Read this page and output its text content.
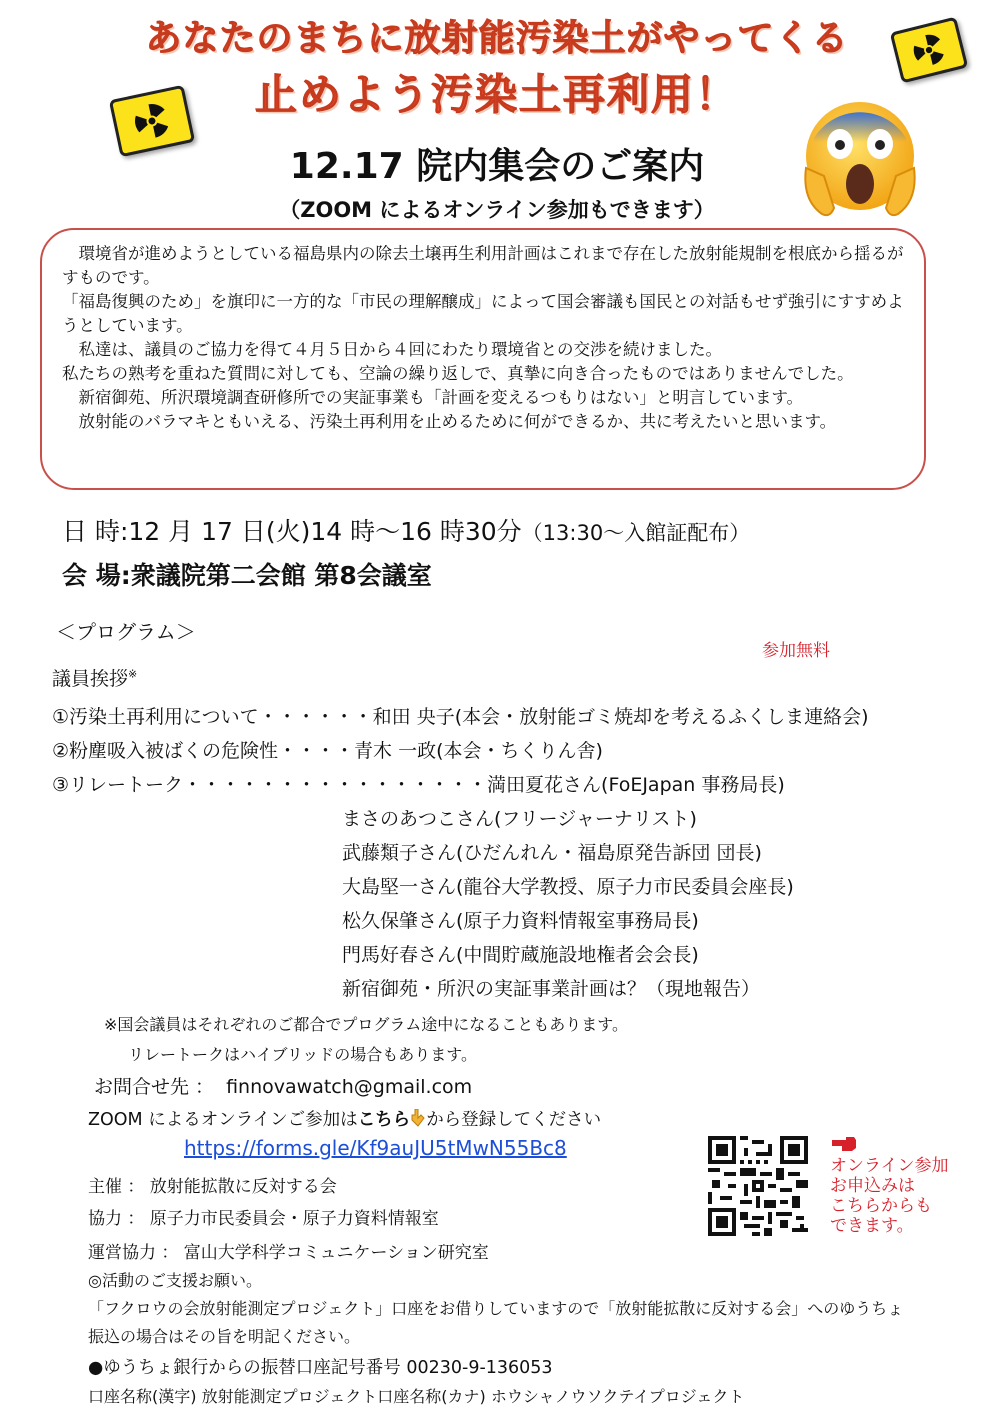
あなたのまちに放射能汚染土がやってくる
止めよう汚染土再利用！
12.17 院内集会のご案内
（ZOOM によるオンライン参加もできます）

　環境省が進めようとしている福島県内の除去土壌再生利用計画はこれまで存在した放射能規制を根底から揺るがすものです。

「福島復興のため」を旗印に一方的な「市民の理解醸成」によって国会審議も国民との対話もせず強引にすすめようとしています。

　私達は、議員のご協力を得て４月５日から４回にわたり環境省との交渉を続けました。

私たちの熟考を重ねた質問に対しても、空論の繰り返しで、真摯に向き合ったものではありませんでした。

　新宿御苑、所沢環境調査研修所での実証事業も「計画を変えるつもりはない」と明言しています。

　放射能のバラマキともいえる、汚染土再利用を止めるために何ができるか、共に考えたいと思います。

日 時:12 月 17 日(火)14 時～16 時30分（13:30～入館証配布）
会 場:衆議院第二会館 第8会議室
＜プログラム＞
参加無料
議員挨拶※
①汚染土再利用について・・・・・・和田 央子(本会・放射能ゴミ焼却を考えるふくしま連絡会)
②粉塵吸入被ばくの危険性・・・・青木 一政(本会・ちくりん舎)
③リレートーク・・・・・・・・・・・・・・・・満田夏花さん(FoEJapan 事務局長)
まさのあつこさん(フリージャーナリスト)
武藤類子さん(ひだんれん・福島原発告訴団 団長)
大島堅一さん(龍谷大学教授、原子力市民委員会座長)
松久保肇さん(原子力資料情報室事務局長)
門馬好春さん(中間貯蔵施設地権者会会長)
新宿御苑・所沢の実証事業計画は？（現地報告）
※国会議員はそれぞれのご都合でプログラム途中になることもあります。
リレートークはハイブリッドの場合もあります。
お問合せ先 ： finnovawatch@gmail.com
ZOOM によるオンラインご参加はこちら から登録してください
https://forms.gle/Kf9auJU5tMwN55Bc8
オンライン参加
お申込みは
こちらからも
できます。
主催 ： 放射能拡散に反対する会
協力 ： 原子力市民委員会・原子力資料情報室
運営協力 ： 富山大学科学コミュニケーション研究室
◎活動のご支援お願い。
「フクロウの会放射能測定プロジェクト」口座をお借りしていますので「放射能拡散に反対する会」へのゆうちょ
振込の場合はその旨を明記ください。
●ゆうちょ銀行からの振替口座記号番号 00230-9-136053
口座名称(漢字) 放射能測定プロジェクト口座名称(カナ) ホウシャノウソクテイプロジェクト
